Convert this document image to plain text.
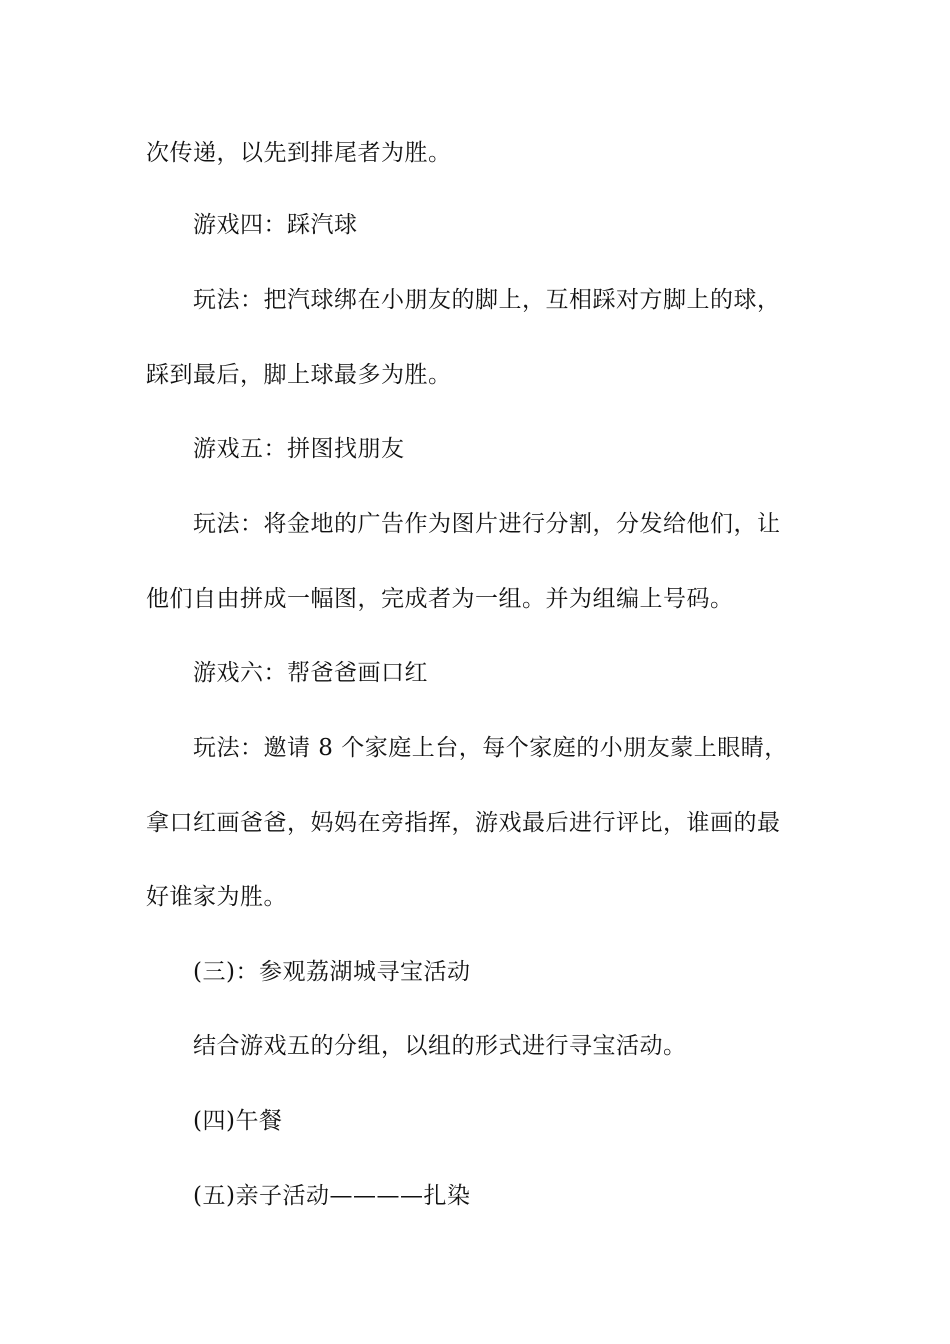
次传递，以先到排尾者为胜。
游戏四：踩汽球
玩法：把汽球绑在小朋友的脚上，互相踩对方脚上的球，
踩到最后，脚上球最多为胜。
游戏五：拼图找朋友
玩法：将金地的广告作为图片进行分割，分发给他们，让
他们自由拼成一幅图，完成者为一组。并为组编上号码。
游戏六：帮爸爸画口红
玩法：邀请 8 个家庭上台，每个家庭的小朋友蒙上眼睛，
拿口红画爸爸，妈妈在旁指挥，游戏最后进行评比，谁画的最
好谁家为胜。
(三)：参观荔湖城寻宝活动
结合游戏五的分组，以组的形式进行寻宝活动。
(四)午餐
(五)亲子活动————扎染
